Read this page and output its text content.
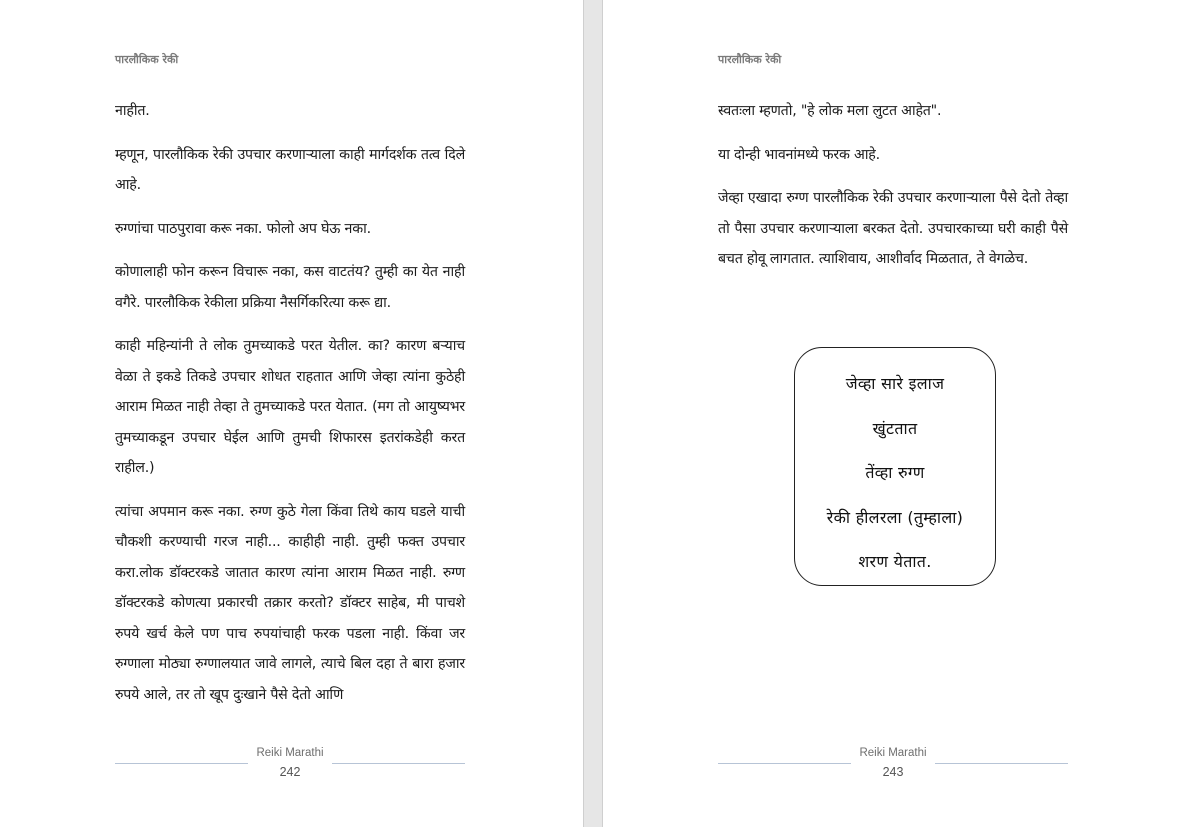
पारलौकिक रेकी

नाहीत.

म्हणून, पारलौकिक रेकी उपचार करणाऱ्याला काही मार्गदर्शक तत्व दिले आहे.

रुग्णांचा पाठपुरावा करू नका. फोलो अप घेऊ नका.

कोणालाही फोन करून विचारू नका, कस वाटतंय? तुम्ही का येत नाही वगैरे. पारलौकिक रेकीला प्रक्रिया नैसर्गिकरित्या करू द्या.

काही महिन्यांनी ते लोक तुमच्याकडे परत येतील. का? कारण बऱ्याच वेळा ते इकडे तिकडे उपचार शोधत राहतात आणि जेव्हा त्यांना कुठेही आराम मिळत नाही तेव्हा ते तुमच्याकडे परत येतात. (मग तो आयुष्यभर तुमच्याकडून उपचार घेईल आणि तुमची शिफारस इतरांकडेही करत राहील.)

त्यांचा अपमान करू नका. रुग्ण कुठे गेला किंवा तिथे काय घडले याची चौकशी करण्याची गरज नाही... काहीही नाही. तुम्ही फक्त उपचार करा.लोक डॉक्टरकडे जातात कारण त्यांना आराम मिळत नाही. रुग्ण डॉक्टरकडे कोणत्या प्रकारची तक्रार करतो? डॉक्टर साहेब, मी पाचशे रुपये खर्च केले पण पाच रुपयांचाही फरक पडला नाही. किंवा जर रुग्णाला मोठ्या रुग्णालयात जावे लागले, त्याचे बिल दहा ते बारा हजार रुपये आले, तर तो खूप दुःखाने पैसे देतो आणि

Reiki Marathi
242
पारलौकिक रेकी

स्वतःला म्हणतो, "हे लोक मला लुटत आहेत".

या दोन्ही भावनांमध्ये फरक आहे.

जेव्हा एखादा रुग्ण पारलौकिक रेकी उपचार करणाऱ्याला पैसे देतो तेव्हा तो पैसा उपचार करणाऱ्याला बरकत देतो. उपचारकाच्या घरी काही पैसे बचत होवू लागतात. त्याशिवाय, आशीर्वाद मिळतात, ते वेगळेच.

जेव्हा सारे इलाज
खुंटतात
तेंव्हा रुग्ण
रेकी हीलरला (तुम्हाला)
शरण येतात.
Reiki Marathi
243
